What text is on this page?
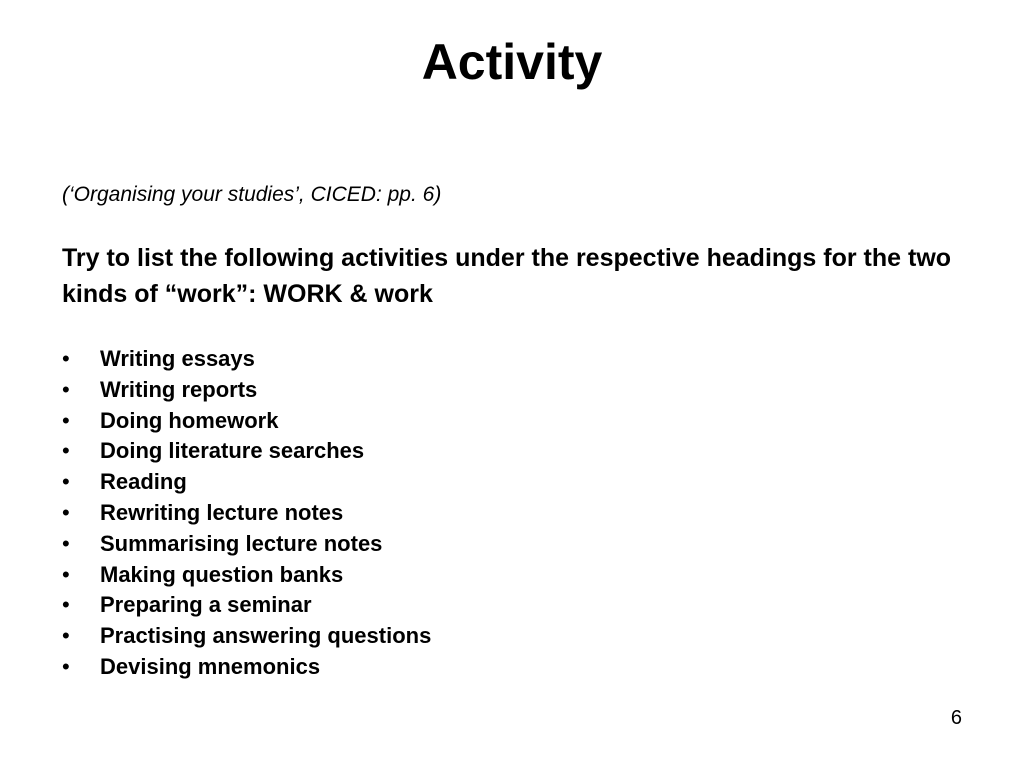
Activity

(‘Organising your studies’, CICED: pp. 6)

Try to list the following activities under the respective headings for the two kinds of “work”: WORK & work

•	Writing essays
•	Writing reports
•	Doing homework
•	Doing literature searches
•	Reading
•	Rewriting lecture notes
•	Summarising lecture notes
•	Making question banks
•	Preparing a seminar
•	Practising answering questions
•	Devising mnemonics

6
